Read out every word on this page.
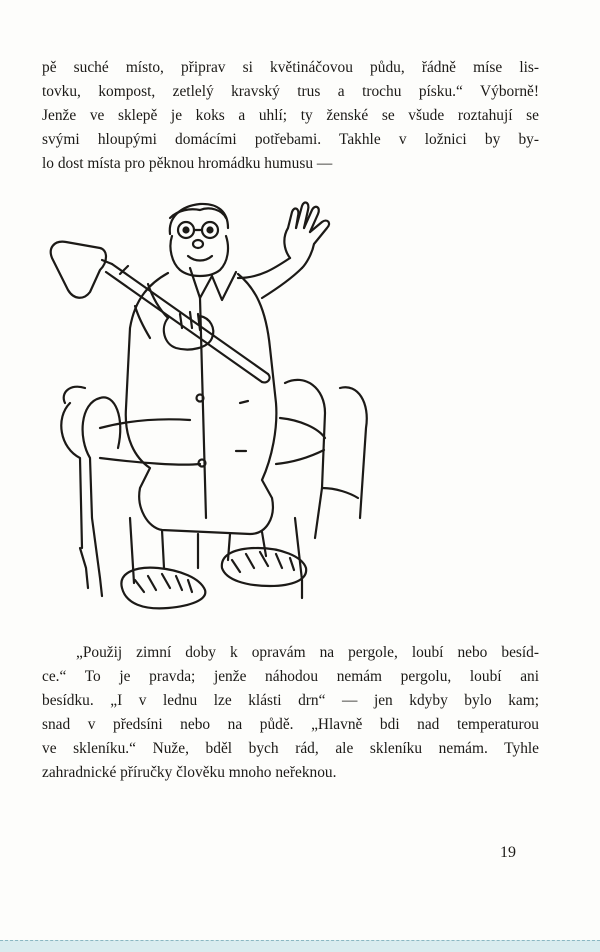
pě suché místo, připrav si květináčovou půdu, řádně mísе lis-
tovku, kompost, zetlelý kravský trus a trochu písku.“ Výborně!
Jenže ve sklepě je koks a uhlí; ty ženské se všude roztahují se
svými hloupými domácími potřebami. Takhle v ložnici by by-
lo dost místa pro pěknou hromádku humusu —
„Použij zimní doby k opravám na pergole, loubí nebo besíd-
ce.“ To je pravda; jenže náhodou nemám pergolu, loubí ani
besídku. „I v lednu lze klásti drn“ — jen kdyby bylo kam;
snad v předsíni nebo na půdě. „Hlavně bdi nad temperaturou
ve skleníku.“ Nuže, bděl bych rád, ale skleníku nemám. Tyhle
zahradnické příručky člověku mnoho neřeknou.
19
